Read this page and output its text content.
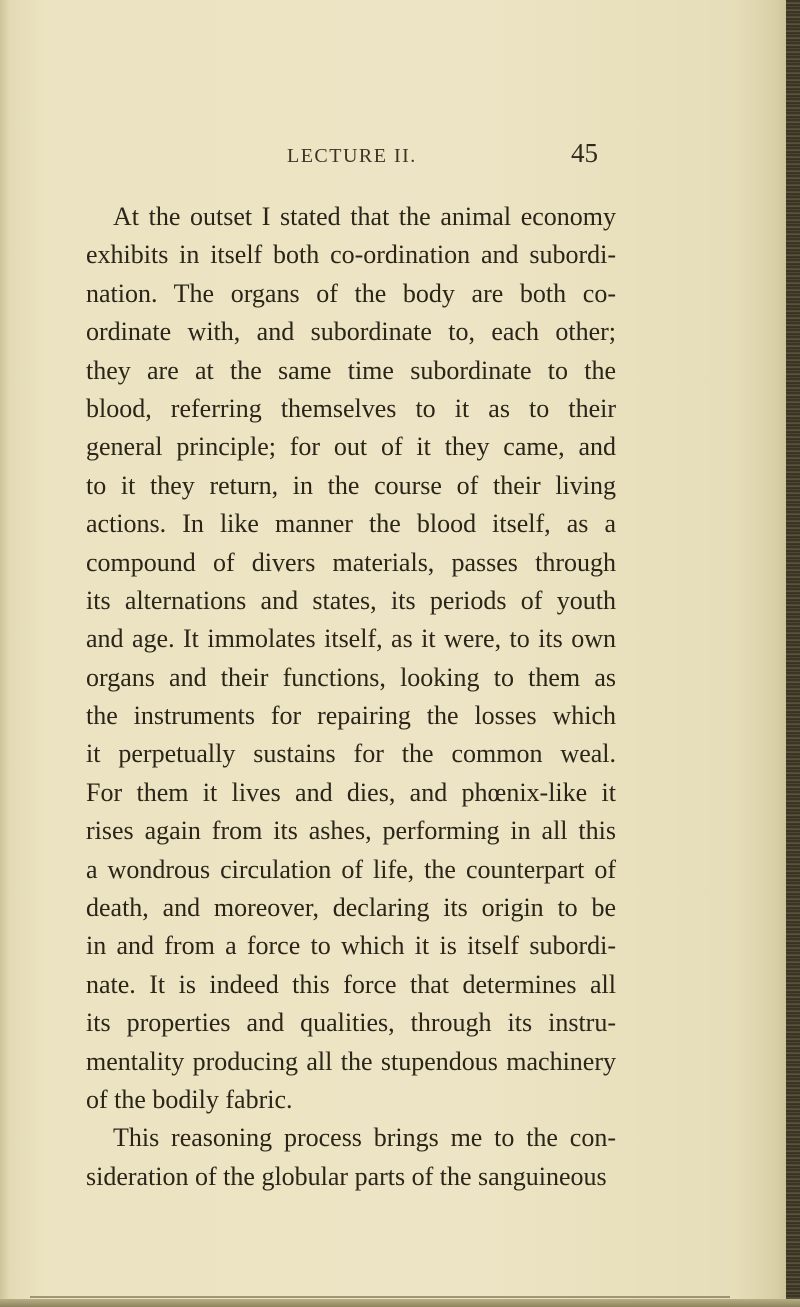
LECTURE II.	45
At the outset I stated that the animal economy
exhibits in itself both co-ordination and subordi-
nation. The organs of the body are both co-
ordinate with, and subordinate to, each other;
they are at the same time subordinate to the
blood, referring themselves to it as to their
general principle; for out of it they came, and
to it they return, in the course of their living
actions. In like manner the blood itself, as a
compound of divers materials, passes through
its alternations and states, its periods of youth
and age. It immolates itself, as it were, to its own
organs and their functions, looking to them as
the instruments for repairing the losses which
it perpetually sustains for the common weal.
For them it lives and dies, and phœnix-like it
rises again from its ashes, performing in all this
a wondrous circulation of life, the counterpart of
death, and moreover, declaring its origin to be
in and from a force to which it is itself subordi-
nate. It is indeed this force that determines all
its properties and qualities, through its instru-
mentality producing all the stupendous machinery
of the bodily fabric.
This reasoning process brings me to the con-
sideration of the globular parts of the sanguineous
